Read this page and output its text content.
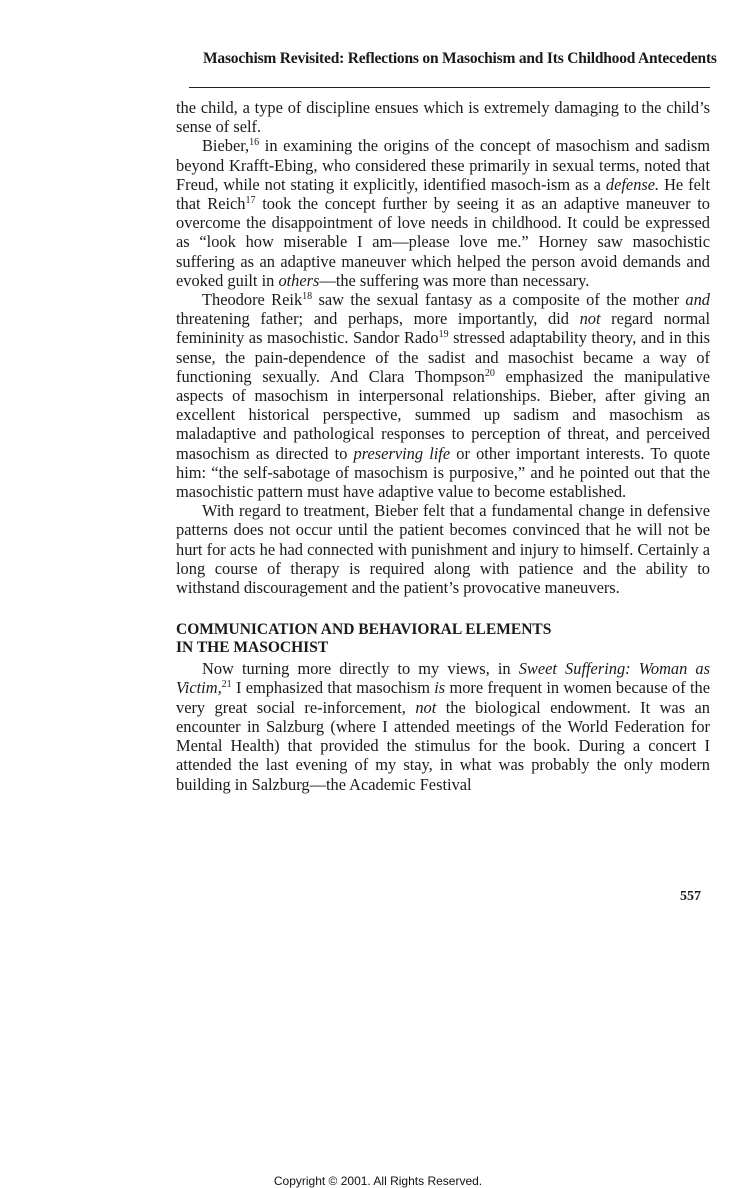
Masochism Revisited: Reflections on Masochism and Its Childhood Antecedents

the child, a type of discipline ensues which is extremely damaging to the child’s sense of self.

Bieber,$^{16}$ in examining the origins of the concept of masochism and sadism beyond Krafft-Ebing, who considered these primarily in sexual terms, noted that Freud, while not stating it explicitly, identified masoch-ism as a defense. He felt that Reich$^{17}$ took the concept further by seeing it as an adaptive maneuver to overcome the disappointment of love needs in childhood. It could be expressed as “look how miserable I am—please love me.” Horney saw masochistic suffering as an adaptive maneuver which helped the person avoid demands and evoked guilt in others—the suffering was more than necessary.

Theodore Reik$^{18}$ saw the sexual fantasy as a composite of the mother and threatening father; and perhaps, more importantly, did not regard normal femininity as masochistic. Sandor Rado$^{19}$ stressed adaptability theory, and in this sense, the pain-dependence of the sadist and masochist became a way of functioning sexually. And Clara Thompson$^{20}$ emphasized the manipulative aspects of masochism in interpersonal relationships. Bieber, after giving an excellent historical perspective, summed up sadism and masochism as maladaptive and pathological responses to perception of threat, and perceived masochism as directed to preserving life or other important interests. To quote him: “the self-sabotage of masochism is purposive,” and he pointed out that the masochistic pattern must have adaptive value to become established.

With regard to treatment, Bieber felt that a fundamental change in defensive patterns does not occur until the patient becomes convinced that he will not be hurt for acts he had connected with punishment and injury to himself. Certainly a long course of therapy is required along with patience and the ability to withstand discouragement and the patient’s provocative maneuvers.

COMMUNICATION AND BEHAVIORAL ELEMENTS
IN THE MASOCHIST

Now turning more directly to my views, in Sweet Suffering: Woman as Victim,$^{21}$ I emphasized that masochism is more frequent in women because of the very great social re-inforcement, not the biological endowment. It was an encounter in Salzburg (where I attended meetings of the World Federation for Mental Health) that provided the stimulus for the book. During a concert I attended the last evening of my stay, in what was probably the only modern building in Salzburg—the Academic Festival

557
Copyright © 2001. All Rights Reserved.
